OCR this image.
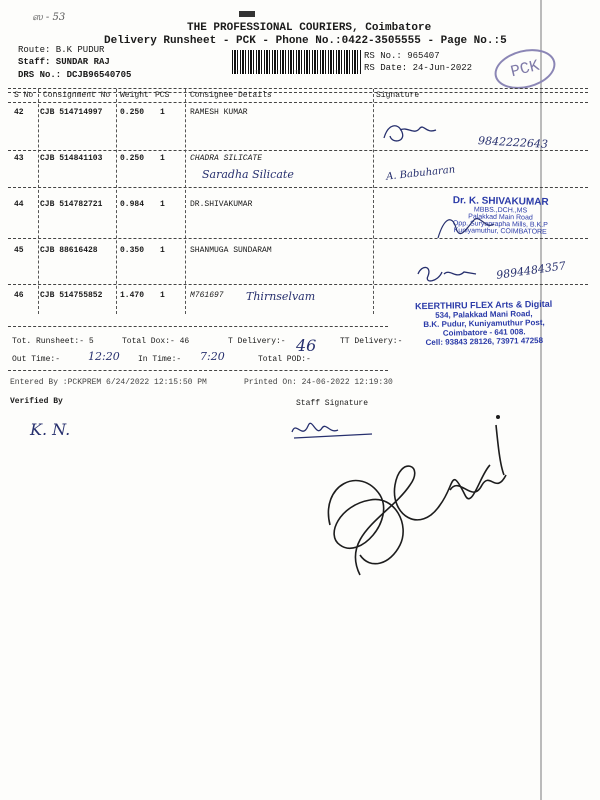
ஸ - 53
THE PROFESSIONAL COURIERS, Coimbatore
Delivery Runsheet - PCK - Phone No.:0422-3505555 - Page No.:5
Route: B.K PUDUR
Staff: SUNDAR RAJ
DRS No.: DCJB96540705
RS No.: 965407
RS Date: 24-Jun-2022	PCK
S No Consignment No Weight PCS	Consignee Details	Signature
42 CJB 514714997 0.250 1	RAMESH KUMAR
9842222643
43 CJB 514841103 0.250 1	CHADRA SILICATE
Saradha Silicate	A. Babuharan
44 CJB 514782721 0.984 1	DR.SHIVAKUMAR	Dr. K. SHIVAKUMAR
MBBS.,DCH.,MS
Palakkad Main Road
Opp. Suryaprapha Mills, B.K.P
Kuniyamuthur, COIMBATORE
45 CJB 88616428	0.350 1	SHANMUGA SUNDARAM
9894484357
46 CJB 514755852 1.470 1	M761697 Thirnselvam
KEERTHIRU FLEX Arts & Digital
534, Palakkad Mani Road,
B.K. Pudur, Kuniyamuthur Post,
Coimbatore - 641 008.
Cell: 93843 28126, 73971 47258
Tot. Runsheet:- 5	Total Dox:- 46	T Delivery:- 46	TT Delivery:-
Out Time:-	12:20 In Time:- 7:20	Total POD:-
Entered By :PCKPREM 6/24/2022 12:15:50 PM	Printed On: 24-06-2022 12:19:30
Verified By	Staff Signature
K. N.
